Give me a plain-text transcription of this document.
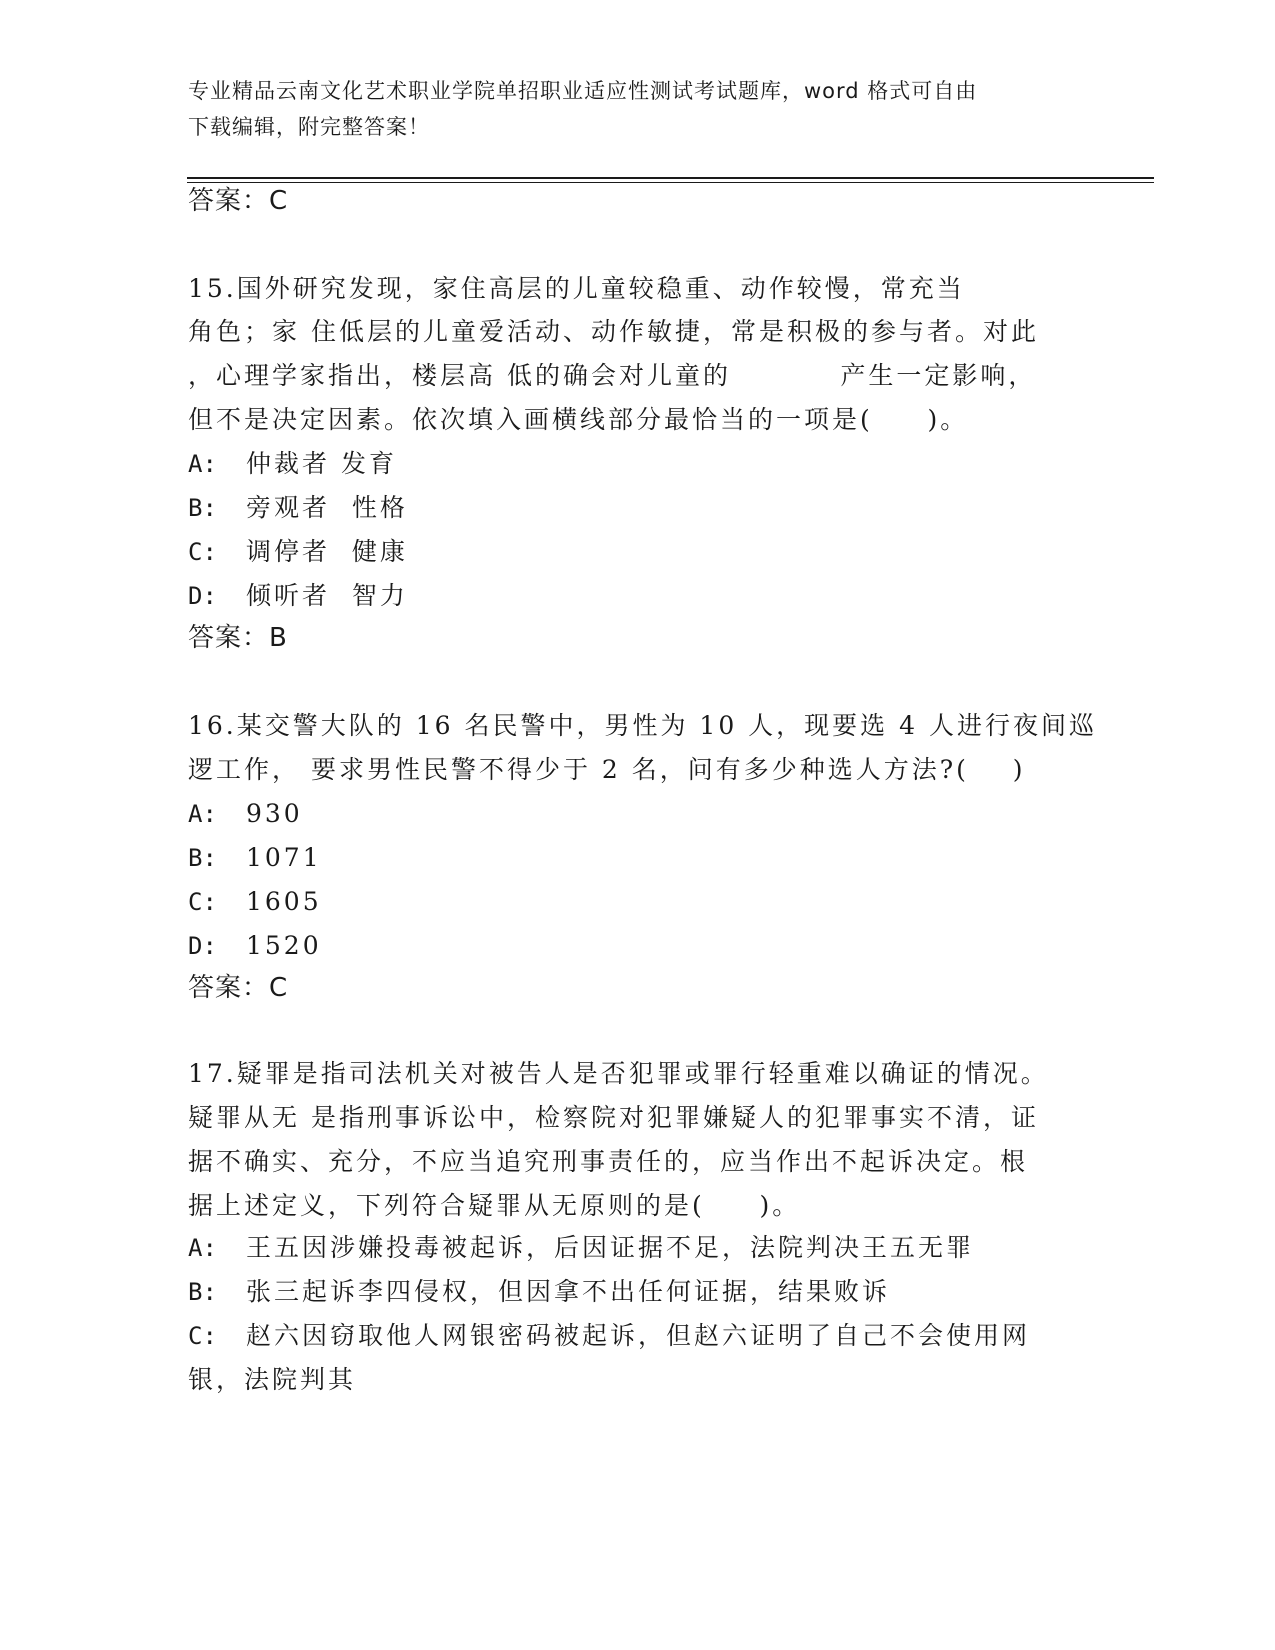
专业精品云南文化艺术职业学院单招职业适应性测试考试题库，word 格式可自由
下载编辑，附完整答案！
答案：C
15.国外研究发现，家住高层的儿童较稳重、动作较慢，常充当
角色；家 住低层的儿童爱活动、动作敏捷，常是积极的参与者。对此
，心理学家指出，楼层高 低的确会对儿童的          产生一定影响，
但不是决定因素。依次填入画横线部分最恰当的一项是(     )。
A: 仲裁者 发育
B: 旁观者  性格
C: 调停者  健康
D: 倾听者  智力
答案：B
16.某交警大队的 16 名民警中，男性为 10 人，现要选 4 人进行夜间巡
逻工作， 要求男性民警不得少于 2 名，问有多少种选人方法?(    )
A: 930
B: 1071
C: 1605
D: 1520
答案：C
17.疑罪是指司法机关对被告人是否犯罪或罪行轻重难以确证的情况。
疑罪从无 是指刑事诉讼中，检察院对犯罪嫌疑人的犯罪事实不清，证
据不确实、充分，不应当追究刑事责任的，应当作出不起诉决定。根
据上述定义，下列符合疑罪从无原则的是(     )。
A: 王五因涉嫌投毒被起诉，后因证据不足，法院判决王五无罪
B: 张三起诉李四侵权，但因拿不出任何证据，结果败诉
C: 赵六因窃取他人网银密码被起诉，但赵六证明了自己不会使用网
银，法院判其
